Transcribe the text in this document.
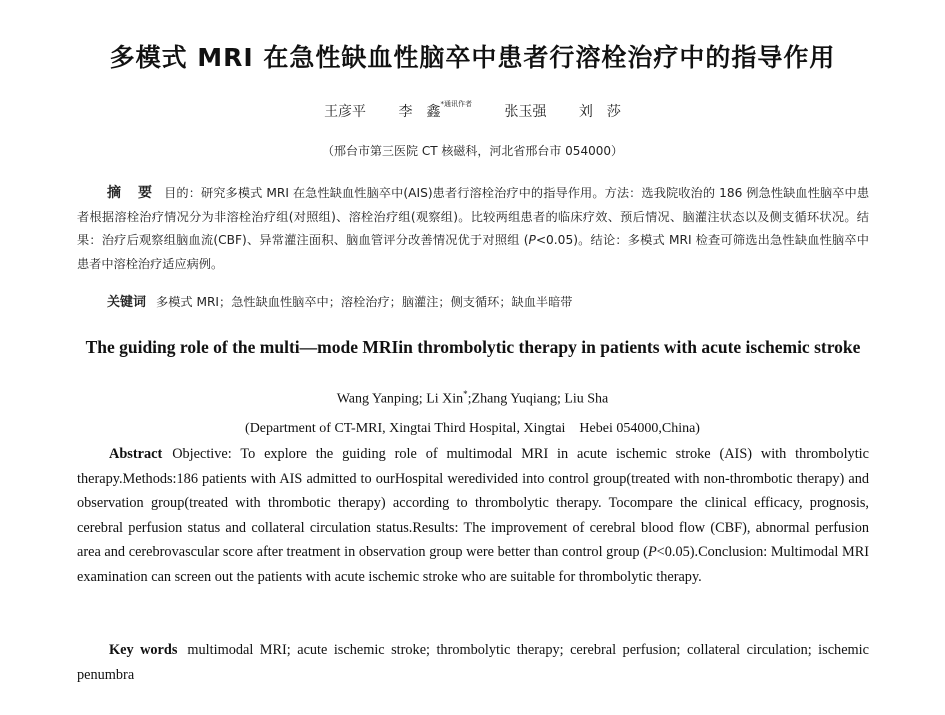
多模式 MRI 在急性缺血性脑卒中患者行溶栓治疗中的指导作用
王彦平 李　鑫$^{*通讯作者}$ 张玉强 刘　莎
（邢台市第三医院 CT 核磁科，河北省邢台市 054000）
摘 要 目的：研究多模式 MRI 在急性缺血性脑卒中(AIS)患者行溶栓治疗中的指导作用。方法：选我院收治的 186 例急性缺血性脑卒中患者根据溶栓治疗情况分为非溶栓治疗组(对照组)、溶栓治疗组(观察组)。比较两组患者的临床疗效、预后情况、脑灌注状态以及侧支循环状况。结果：治疗后观察组脑血流(CBF)、异常灌注面积、脑血管评分改善情况优于对照组 (P<0.05)。结论：多模式 MRI 检查可筛选出急性缺血性脑卒中患者中溶栓治疗适应病例。
关键词 多模式 MRI；急性缺血性脑卒中；溶栓治疗；脑灌注；侧支循环；缺血半暗带
The guiding role of the multi—mode MRIin thrombolytic therapy in patients with acute ischemic stroke
Wang Yanping; Li Xin*;Zhang Yuqiang; Liu Sha
(Department of CT-MRI, Xingtai Third Hospital, Xingtai　Hebei 054000,China)
Abstract Objective: To explore the guiding role of multimodal MRI in acute ischemic stroke (AIS) with thrombolytic therapy.Methods:186 patients with AIS admitted to ourHospital weredivided into control group(treated with non-thrombotic therapy) and observation group(treated with thrombotic therapy) according to thrombolytic therapy. Tocompare the clinical efficacy, prognosis, cerebral perfusion status and collateral circulation status.Results: The improvement of cerebral blood flow (CBF), abnormal perfusion area and cerebrovascular score after treatment in observation group were better than control group (P<0.05).Conclusion: Multimodal MRI examination can screen out the patients with acute ischemic stroke who are suitable for thrombolytic therapy.
Key words multimodal MRI; acute ischemic stroke; thrombolytic therapy; cerebral perfusion; collateral circulation; ischemic penumbra
